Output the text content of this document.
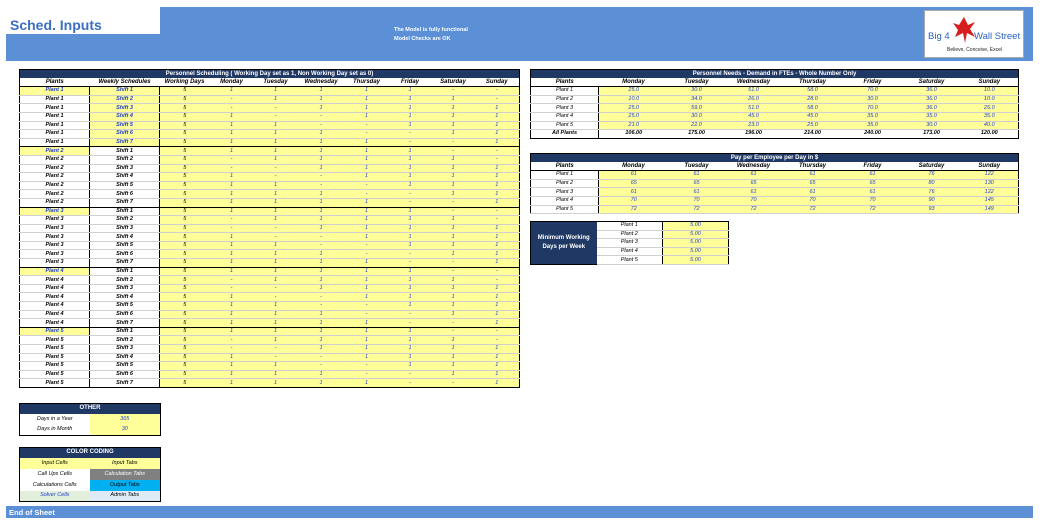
Sched. Inputs	The Model is fully functional
Model Checks are OK	Big 4	Wall Street
Believe, Conceive, Excel
Personnel Scheduling ( Working Day set as 1, Non Working Day set as 0)									
Plants	Weekly Schedules	Working Days	Monday	Tuesday	Wednesday	Thursday	Friday	Saturday	Sunday
Plant 1	Shift 1	5	1	1	1	1	1	-	-
Plant 1	Shift 2	5	-	1	1	1	1	1	-
Plant 1	Shift 3	5	-	-	1	1	1	1	1
Plant 1	Shift 4	5	1	-	-	1	1	1	1
Plant 1	Shift 5	5	1	1	-	-	1	1	1
Plant 1	Shift 6	5	1	1	1	-	-	1	1
Plant 1	Shift 7	5	1	1	1	1	-	-	1
Plant 2	Shift 1	5	1	1	1	1	1	-	-
Plant 2	Shift 2	5	-	1	1	1	1	1	-
Plant 2	Shift 3	5	-	-	1	1	1	1	1
Plant 2	Shift 4	5	1	-	-	1	1	1	1
Plant 2	Shift 5	5	1	1	-	-	1	1	1
Plant 2	Shift 6	5	1	1	1	-	-	1	1
Plant 2	Shift 7	5	1	1	1	1	-	-	1
Plant 3	Shift 1	5	1	1	1	1	1	-	-
Plant 3	Shift 2	5	-	1	1	1	1	1	-
Plant 3	Shift 3	5	-	-	1	1	1	1	1
Plant 3	Shift 4	5	1	-	-	1	1	1	1
Plant 3	Shift 5	5	1	1	-	-	1	1	1
Plant 3	Shift 6	5	1	1	1	-	-	1	1
Plant 3	Shift 7	5	1	1	1	1	-	-	1
Plant 4	Shift 1	5	1	1	1	1	1	-	-
Plant 4	Shift 2	5	-	1	1	1	1	1	-
Plant 4	Shift 3	5	-	-	1	1	1	1	1
Plant 4	Shift 4	5	1	-	-	1	1	1	1
Plant 4	Shift 5	5	1	1	-	-	1	1	1
Plant 4	Shift 6	5	1	1	1	-	-	1	1
Plant 4	Shift 7	5	1	1	1	1	-	-	1
Plant 5	Shift 1	5	1	1	1	1	1	-	-
Plant 5	Shift 2	5	-	1	1	1	1	1	-
Plant 5	Shift 3	5	-	-	1	1	1	1	1
Plant 5	Shift 4	5	1	-	-	1	1	1	1
Plant 5	Shift 5	5	1	1	-	-	1	1	1
Plant 5	Shift 6	5	1	1	1	-	-	1	1
Plant 5	Shift 7	5	1	1	1	1	-	-	1
Personnel Needs - Demand in FTEs - Whole Number Only							
Plants	Monday	Tuesday	Wednesday	Thursday	Friday	Saturday	Sunday
Plant 1	25.0	30.0	51.0	58.0	70.0	36.0	10.0
Plant 2	10.0	34.0	26.0	28.0	30.0	36.0	10.0
Plant 3	25.0	59.0	51.0	58.0	70.0	36.0	25.0
Plant 4	25.0	30.0	45.0	45.0	35.0	35.0	35.0
Plant 5	21.0	22.0	23.0	25.0	35.0	30.0	40.0
All Plants	106.00	175.00	196.00	214.00	240.00	173.00	120.00
Pay per Employee per Day in $							
Plants	Monday	Tuesday	Wednesday	Thursday	Friday	Saturday	Sunday
Plant 1	61	61	61	61	61	76	122
Plant 2	65	65	65	65	65	80	130
Plant 3	61	61	61	61	61	76	122
Plant 4	70	70	70	70	70	90	145
Plant 5	72	72	72	72	72	93	149
Minimum Working Days per Week	Plant 1	5.00
	Plant 2	5.00
	Plant 3	5.00
	Plant 4	5.00
	Plant 5	5.00
OTHER	
Days in a Year	365
Days in Month	30
COLOR CODING	
Input Cells	Input Tabs
Call Ups Cells	Calculation Tabs
Calculations Cells	Output Tabs
Solver Cells	Admin Tabs
End of Sheet
